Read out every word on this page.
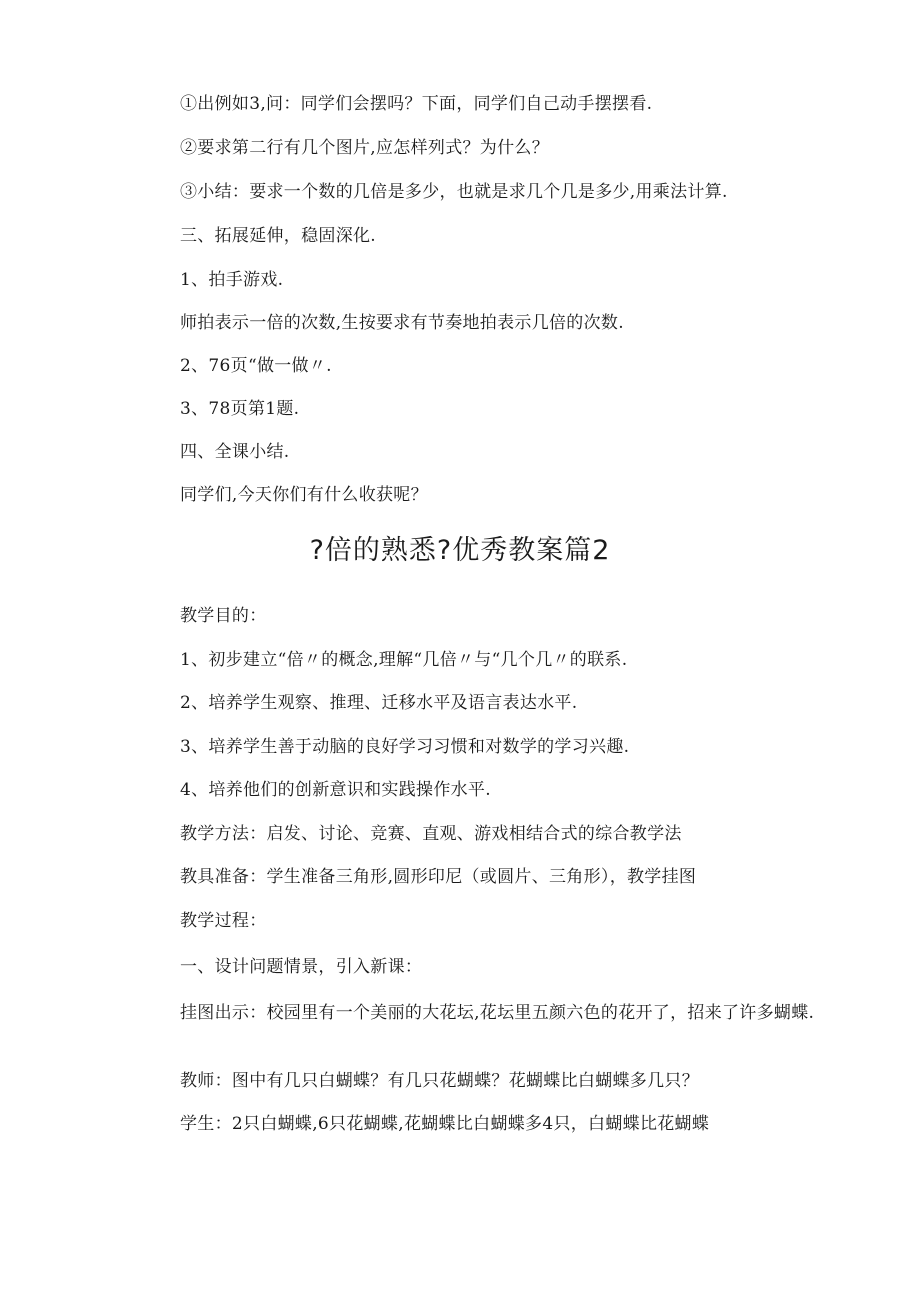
①出例如3,问：同学们会摆吗？下面，同学们自己动手摆摆看.
②要求第二行有几个图片,应怎样列式？为什么？
③小结：要求一个数的几倍是多少，也就是求几个几是多少,用乘法计算.
三、拓展延伸，稳固深化.
1、拍手游戏.
师拍表示一倍的次数,生按要求有节奏地拍表示几倍的次数.
2、76页“做一做〃.
3、78页第1题.
四、全课小结.
同学们,今天你们有什么收获呢？
?倍的熟悉?优秀教案篇2
教学目的：
1、初步建立“倍〃的概念,理解“几倍〃与“几个几〃的联系.
2、培养学生观察、推理、迁移水平及语言表达水平.
3、培养学生善于动脑的良好学习习惯和对数学的学习兴趣.
4、培养他们的创新意识和实践操作水平.
教学方法：启发、讨论、竞赛、直观、游戏相结合式的综合教学法
教具准备：学生准备三角形,圆形印尼（或圆片、三角形），教学挂图
教学过程：
一、设计问题情景，引入新课：
挂图出示：校园里有一个美丽的大花坛,花坛里五颜六色的花开了，招来了许多蝴蝶.
教师：图中有几只白蝴蝶？有几只花蝴蝶？花蝴蝶比白蝴蝶多几只？
学生：2只白蝴蝶,6只花蝴蝶,花蝴蝶比白蝴蝶多4只，白蝴蝶比花蝴蝶
